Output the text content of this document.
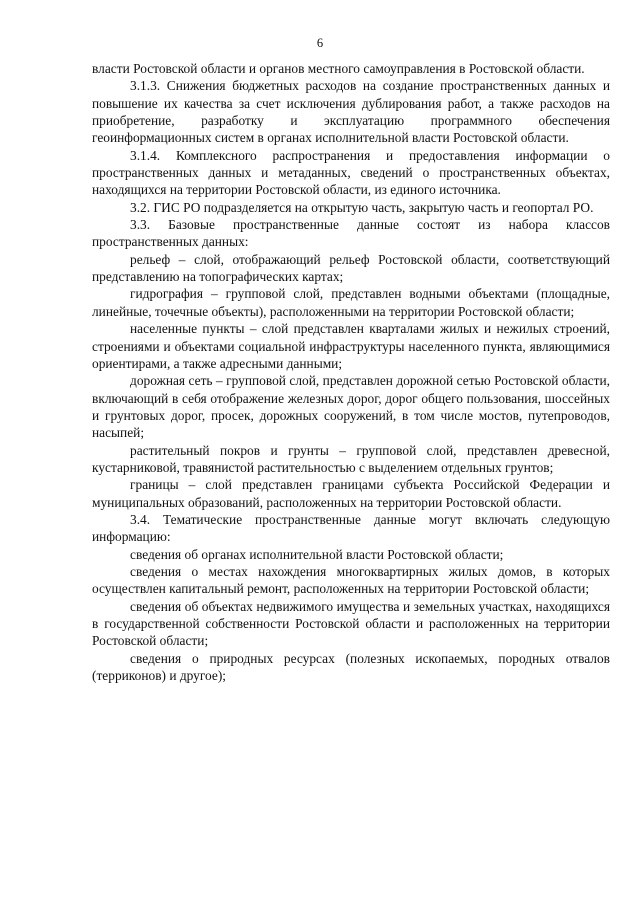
6

власти Ростовской области и органов местного самоуправления в Ростовской области.

3.1.3. Снижения бюджетных расходов на создание пространственных данных и повышение их качества за счет исключения дублирования работ, а также расходов на приобретение, разработку и эксплуатацию программного обеспечения геоинформационных систем в органах исполнительной власти Ростовской области.

3.1.4. Комплексного распространения и предоставления информации о пространственных данных и метаданных, сведений о пространственных объектах, находящихся на территории Ростовской области, из единого источника.

3.2. ГИС РО подразделяется на открытую часть, закрытую часть и геопортал РО.

3.3. Базовые пространственные данные состоят из набора классов пространственных данных:

рельеф – слой, отображающий рельеф Ростовской области, соответствующий представлению на топографических картах;

гидрография – групповой слой, представлен водными объектами (площадные, линейные, точечные объекты), расположенными на территории Ростовской области;

населенные пункты – слой представлен кварталами жилых и нежилых строений, строениями и объектами социальной инфраструктуры населенного пункта, являющимися ориентирами, а также адресными данными;

дорожная сеть – групповой слой, представлен дорожной сетью Ростовской области, включающий в себя отображение железных дорог, дорог общего пользования, шоссейных и грунтовых дорог, просек, дорожных сооружений, в том числе мостов, путепроводов, насыпей;

растительный покров и грунты – групповой слой, представлен древесной, кустарниковой, травянистой растительностью с выделением отдельных грунтов;

границы – слой представлен границами субъекта Российской Федерации и муниципальных образований, расположенных на территории Ростовской области.

3.4. Тематические пространственные данные могут включать следующую информацию:

сведения об органах исполнительной власти Ростовской области;

сведения о местах нахождения многоквартирных жилых домов, в которых осуществлен капитальный ремонт, расположенных на территории Ростовской области;

сведения об объектах недвижимого имущества и земельных участках, находящихся в государственной собственности Ростовской области и расположенных на территории Ростовской области;

сведения о природных ресурсах (полезных ископаемых, породных отвалов (терриконов) и другое);
